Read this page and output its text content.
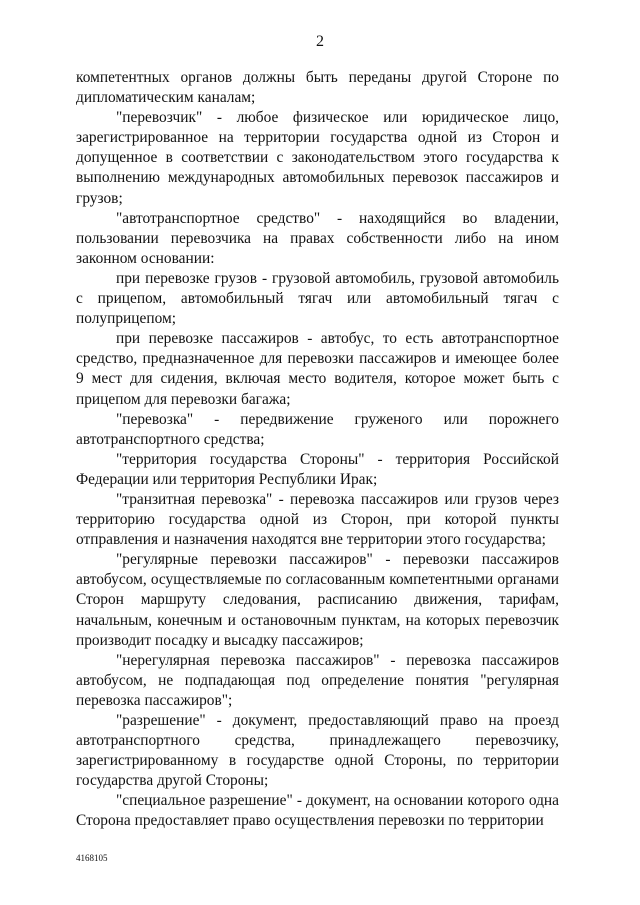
2

компетентных органов должны быть переданы другой Стороне по дипломатическим каналам;

"перевозчик" - любое физическое или юридическое лицо, зарегистрированное на территории государства одной из Сторон и допущенное в соответствии с законодательством этого государства к выполнению международных автомобильных перевозок пассажиров и грузов;

"автотранспортное средство" - находящийся во владении, пользовании перевозчика на правах собственности либо на ином законном основании:

при перевозке грузов - грузовой автомобиль, грузовой автомобиль с прицепом, автомобильный тягач или автомобильный тягач с полуприцепом;

при перевозке пассажиров - автобус, то есть автотранспортное средство, предназначенное для перевозки пассажиров и имеющее более 9 мест для сидения, включая место водителя, которое может быть с прицепом для перевозки багажа;

"перевозка" - передвижение груженого или порожнего автотранспортного средства;

"территория государства Стороны" - территория Российской Федерации или территория Республики Ирак;

"транзитная перевозка" - перевозка пассажиров или грузов через территорию государства одной из Сторон, при которой пункты отправления и назначения находятся вне территории этого государства;

"регулярные перевозки пассажиров" - перевозки пассажиров автобусом, осуществляемые по согласованным компетентными органами Сторон маршруту следования, расписанию движения, тарифам, начальным, конечным и остановочным пунктам, на которых перевозчик производит посадку и высадку пассажиров;

"нерегулярная перевозка пассажиров" - перевозка пассажиров автобусом, не подпадающая под определение понятия "регулярная перевозка пассажиров";

"разрешение" - документ, предоставляющий право на проезд автотранспортного средства, принадлежащего перевозчику, зарегистрированному в государстве одной Стороны, по территории государства другой Стороны;

"специальное разрешение" - документ, на основании которого одна Сторона предоставляет право осуществления перевозки по территории

4168105
